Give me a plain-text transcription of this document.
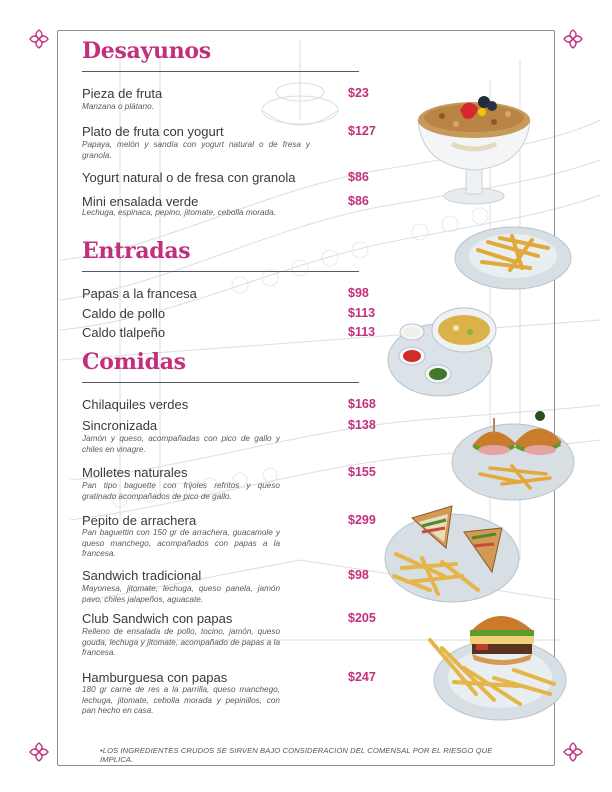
Desayunos
Pieza de fruta	$23
Manzana o plátano.
Plato de fruta con yogurt	$127
Papaya, melón y sandía con yogurt natural o de fresa y granola.
Yogurt natural o de fresa con granola	$86
Mini ensalada verde	$86
Lechuga, espinaca, pepino, jitomate, cebolla morada.
Entradas
Papas a la francesa	$98
Caldo de pollo	$113
Caldo tlalpeño	$113
Comidas
Chilaquiles verdes	$168
Sincronizada	$138
Jamón y queso, acompañadas con pico de gallo y chiles en vinagre.
Molletes naturales	$155
Pan tipo baguette con frijoles refritos y queso gratinado acompañados de pico de gallo.
Pepito de arrachera	$299
Pan baguettin con 150 gr de arrachera, guacamole y queso manchego, acompañados con papas a la francesa.
Sandwich tradicional	$98
Mayonesa, jitomate, lechuga, queso panela, jamón pavo, chiles jalapeños, aguacate.
Club Sandwich con papas	$205
Relleno de ensalada de pollo, tocino, jamón, queso gouda, lechuga y jitomate, acompañado de papas a la francesa.
Hamburguesa con papas	$247
180 gr carne de res a la parrilla, queso manchego, lechuga, jitomate, cebolla morada y pepinillos, con pan hecho en casa.
•LOS INGREDIENTES CRUDOS SE SIRVEN BAJO CONSIDERACIÓN DEL COMENSAL POR EL RIESGO QUE IMPLICA.
